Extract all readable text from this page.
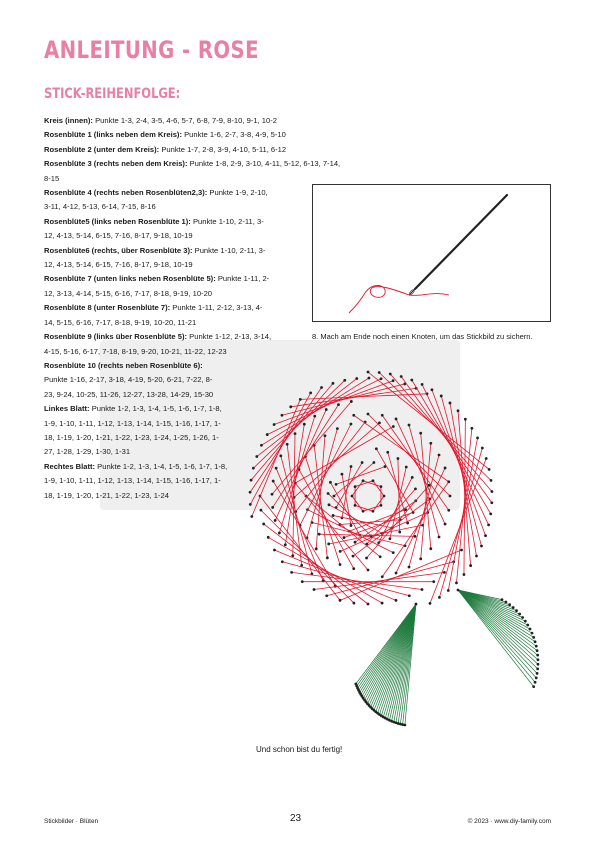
ANLEITUNG - ROSE
STICK-REIHENFOLGE:

Kreis (innen): Punkte 1-3, 2-4, 3-5, 4-6, 5-7, 6-8, 7-9, 8-10, 9-1, 10-2

Rosenblüte 1 (links neben dem Kreis): Punkte 1-6, 2-7, 3-8, 4-9, 5-10

Rosenblüte 2 (unter dem Kreis): Punkte 1-7, 2-8, 3-9, 4-10, 5-11, 6-12

Rosenblüte 3 (rechts neben dem Kreis): Punkte 1-8, 2-9, 3-10, 4-11, 5-12, 6-13, 7-14, 8-15

Rosenblüte 4 (rechts neben Rosenblüten2,3): Punkte 1-9, 2-10, 3-11, 4-12, 5-13, 6-14, 7-15, 8-16

Rosenblüte5 (links neben Rosenblüte 1): Punkte 1-10, 2-11, 3-12, 4-13, 5-14, 6-15, 7-16, 8-17, 9-18, 10-19

Rosenblüte6 (rechts, über Rosenblüte 3): Punkte 1-10, 2-11, 3-12, 4-13, 5-14, 6-15, 7-16, 8-17, 9-18, 10-19

Rosenblüte 7 (unten links neben Rosenblüte 5): Punkte 1-11, 2-12, 3-13, 4-14, 5-15, 6-16, 7-17, 8-18, 9-19, 10-20

Rosenblüte 8 (unter Rosenblüte 7): Punkte 1-11, 2-12, 3-13, 4-14, 5-15, 6-16, 7-17, 8-18, 9-19, 10-20, 11-21

Rosenblüte 9 (links über Rosenblüte 5): Punkte 1-12, 2-13, 3-14, 4-15, 5-16, 6-17, 7-18, 8-19, 9-20, 10-21, 11-22, 12-23

Rosenblüte 10 (rechts neben Rosenblüte 6): Punkte 1-16, 2-17, 3-18, 4-19, 5-20, 6-21, 7-22, 8-23, 9-24, 10-25, 11-26, 12-27, 13-28, 14-29, 15-30

Linkes Blatt: Punkte 1-2, 1-3, 1-4, 1-5, 1-6, 1-7, 1-8, 1-9, 1-10, 1-11, 1-12, 1-13, 1-14, 1-15, 1-16, 1-17, 1-18, 1-19, 1-20, 1-21, 1-22, 1-23, 1-24, 1-25, 1-26, 1-27, 1-28, 1-29, 1-30, 1-31

Rechtes Blatt: Punkte 1-2, 1-3, 1-4, 1-5, 1-6, 1-7, 1-8, 1-9, 1-10, 1-11, 1-12, 1-13, 1-14, 1-15, 1-16, 1-17, 1-18, 1-19, 1-20, 1-21, 1-22, 1-23, 1-24

8. Mach am Ende noch einen Knoten, um das Stickbild zu sichern.
Und schon bist du fertig!
Stickbilder · Blüten	23	© 2023 · www.diy-family.com
